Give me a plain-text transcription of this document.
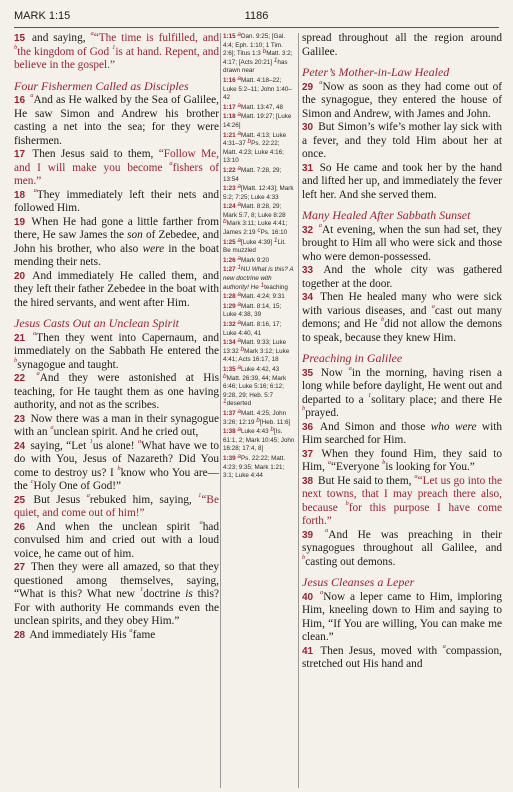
MARK 1:15	1186

15 and saying, $^a$“The time is fulfilled, and $^b$the kingdom of God $^1$is at hand. Repent, and believe in the gospel.”

Four Fishermen Called as Disciples

16 $^a$And as He walked by the Sea of Galilee, He saw Simon and Andrew his brother casting a net into the sea; for they were fishermen.

17 Then Jesus said to them, “Follow Me, and I will make you become $^a$fishers of men.”

18 $^a$They immediately left their nets and followed Him.

19 When He had gone a little farther from there, He saw James the son of Zebedee, and John his brother, who also were in the boat mending their nets.

20 And immediately He called them, and they left their father Zebedee in the boat with the hired servants, and went after Him.

Jesus Casts Out an Unclean Spirit

21 $^a$Then they went into Capernaum, and immediately on the Sabbath He entered the $^b$synagogue and taught.

22 $^a$And they were astonished at His teaching, for He taught them as one having authority, and not as the scribes.

23 Now there was a man in their synagogue with an $^a$unclean spirit. And he cried out,

24 saying, “Let $^1$us alone! $^a$What have we to do with You, Jesus of Nazareth? Did You come to destroy us? I $^b$know who You are—the $^c$Holy One of God!”

25 But Jesus $^a$rebuked him, saying, $^1$“Be quiet, and come out of him!”

26 And when the unclean spirit $^a$had convulsed him and cried out with a loud voice, he came out of him.

27 Then they were all amazed, so that they questioned among themselves, saying, “What is this? What new $^1$doctrine is this? For with authority He commands even the unclean spirits, and they obey Him.”

28 And immediately His $^a$fame

1:15 $^a$Dan. 9:25; [Gal. 4:4; Eph. 1:10; 1 Tim. 2:6]; Titus 1:3 $^b$Matt. 3:2; 4:17; [Acts 20:21] $^1$has drawn near
1:16 $^a$Matt. 4:18–22; Luke 5:2–11; John 1:40–42
1:17 $^a$Matt. 13:47, 48
1:18 $^a$Matt. 19:27; [Luke 14:26]
1:21 $^a$Matt. 4:13; Luke 4:31–37 $^b$Ps. 22:22; Matt. 4:23; Luke 4:16; 13:10
1:22 $^a$Matt. 7:28, 29; 13:54
1:23 $^a$[Matt. 12:43]; Mark 5:2; 7:25; Luke 4:33
1:24 $^a$Matt. 8:28, 29; Mark 5:7, 8; Luke 8:28 $^b$Mark 3:11; Luke 4:41; James 2:19 $^c$Ps. 16:10
1:25 $^a$[Luke 4:39] $^1$Lit. Be muzzled
1:26 $^a$Mark 9:20
1:27 $^1$NU What is this? A new doctrine with authority! He $^1$teaching
1:28 $^a$Matt. 4:24; 9:31
1:29 $^a$Matt. 8:14, 15; Luke 4:38, 39
1:32 $^a$Matt. 8:16, 17; Luke 4:40, 41
1:34 $^a$Matt. 9:33; Luke 13:32 $^b$Mark 3:12; Luke 4:41; Acts 16:17, 18
1:35 $^a$Luke 4:42, 43 $^b$Matt. 26:39, 44; Mark 6:46; Luke 5:16; 6:12; 9:28, 29; Heb. 5:7 $^1$deserted
1:37 $^a$Matt. 4:25; John 3:26; 12:19 $^b$[Heb. 11:6]
1:38 $^a$Luke 4:43 $^b$[Is. 61:1, 2; Mark 10:45; John 16:28; 17:4, 8]
1:39 $^a$Ps. 22:22; Matt. 4:23; 9:35; Mark 1:21; 3:1; Luke 4:44

spread throughout all the region around Galilee.

Peter’s Mother-in-Law Healed

29 $^a$Now as soon as they had come out of the synagogue, they entered the house of Simon and Andrew, with James and John.

30 But Simon’s wife’s mother lay sick with a fever, and they told Him about her at once.

31 So He came and took her by the hand and lifted her up, and immediately the fever left her. And she served them.

Many Healed After Sabbath Sunset

32 $^a$At evening, when the sun had set, they brought to Him all who were sick and those who were demon-possessed.

33 And the whole city was gathered together at the door.

34 Then He healed many who were sick with various diseases, and $^a$cast out many demons; and He $^b$did not allow the demons to speak, because they knew Him.

Preaching in Galilee

35 Now $^a$in the morning, having risen a long while before daylight, He went out and departed to a $^1$solitary place; and there He $^b$prayed.

36 And Simon and those who were with Him searched for Him.

37 When they found Him, they said to Him, $^a$“Everyone $^b$is looking for You.”

38 But He said to them, $^a$“Let us go into the next towns, that I may preach there also, because $^b$for this purpose I have come forth.”

39 $^a$And He was preaching in their synagogues throughout all Galilee, and $^b$casting out demons.

Jesus Cleanses a Leper

40 $^a$Now a leper came to Him, imploring Him, kneeling down to Him and saying to Him, “If You are willing, You can make me clean.”

41 Then Jesus, moved with $^a$compassion, stretched out His hand and
